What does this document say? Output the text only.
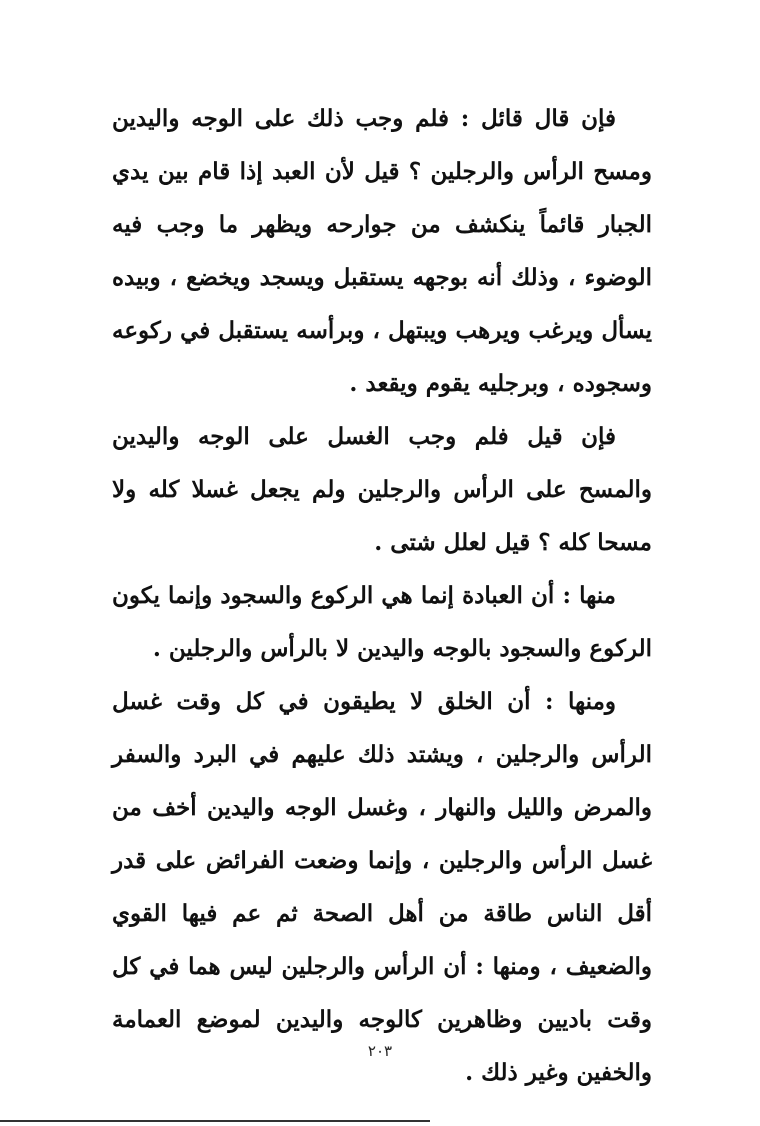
فإن قال قائل : فلم وجب ذلك على الوجه واليدين ومسح الرأس والرجلين ؟ قيل لأن العبد إذا قام بين يدي الجبار قائماً ينكشف من جوارحه ويظهر ما وجب فيه الوضوء ، وذلك أنه بوجهه يستقبل ويسجد ويخضع ، وبيده يسأل ويرغب ويرهب ويبتهل ، وبرأسه يستقبل في ركوعه وسجوده ، وبرجليه يقوم ويقعد .

فإن قيل فلم وجب الغسل على الوجه واليدين والمسح على الرأس والرجلين ولم يجعل غسلا كله ولا مسحا كله ؟ قيل لعلل شتى .

منها : أن العبادة إنما هي الركوع والسجود وإنما يكون الركوع والسجود بالوجه واليدين لا بالرأس والرجلين .

ومنها : أن الخلق لا يطيقون في كل وقت غسل الرأس والرجلين ، ويشتد ذلك عليهم في البرد والسفر والمرض والليل والنهار ، وغسل الوجه واليدين أخف من غسل الرأس والرجلين ، وإنما وضعت الفرائض على قدر أقل الناس طاقة من أهل الصحة ثم عم فيها القوي والضعيف ، ومنها : أن الرأس والرجلين ليس هما في كل وقت باديين وظاهرين كالوجه واليدين لموضع العمامة والخفين وغير ذلك .

٢٠٣
